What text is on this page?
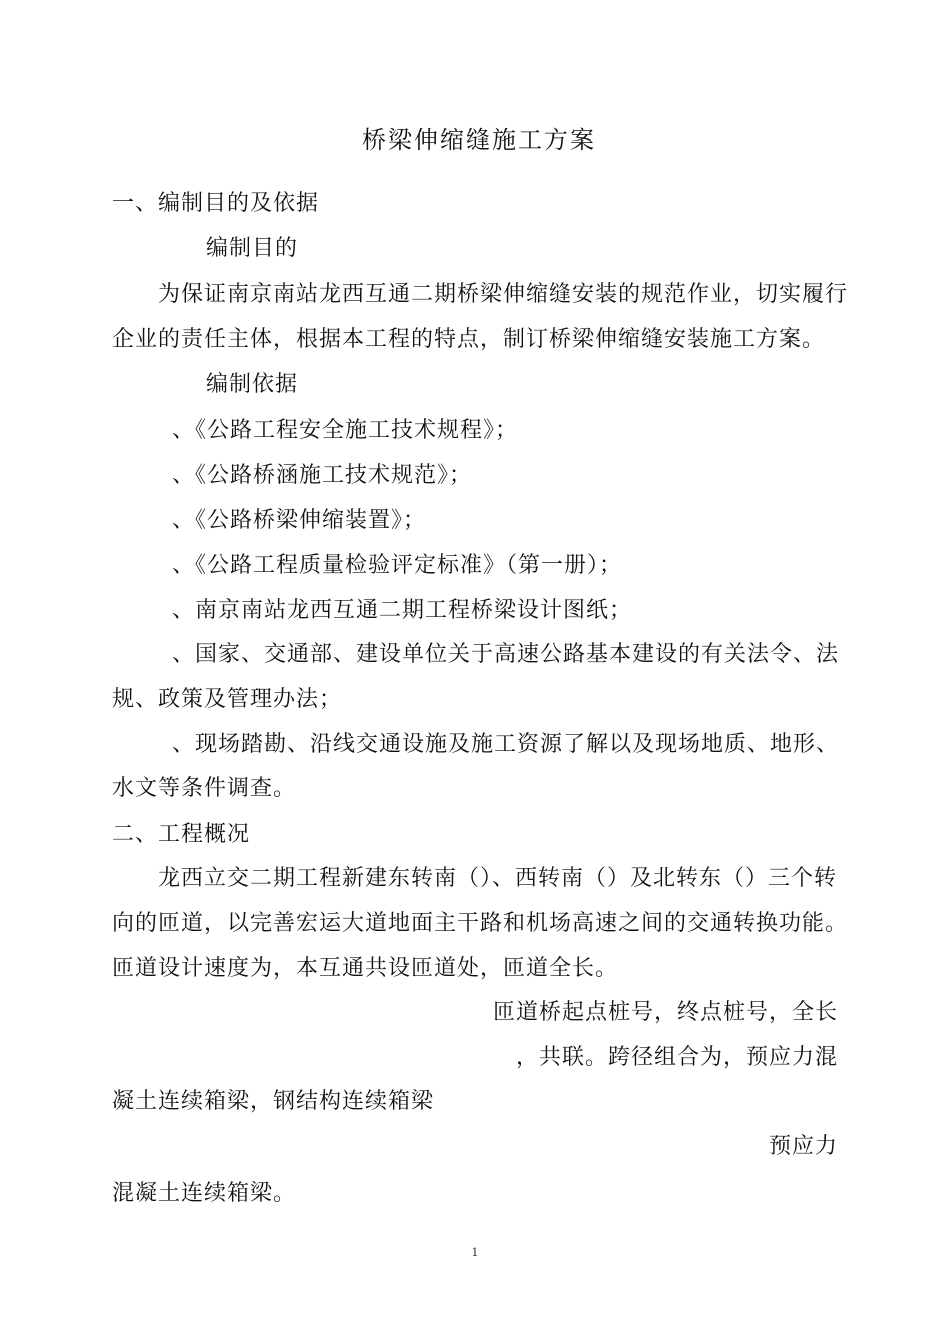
桥梁伸缩缝施工方案
一、编制目的及依据
编制目的
为保证南京南站龙西互通二期桥梁伸缩缝安装的规范作业，切实履行
企业的责任主体，根据本工程的特点，制订桥梁伸缩缝安装施工方案。
编制依据
、《公路工程安全施工技术规程》；
、《公路桥涵施工技术规范》；
、《公路桥梁伸缩装置》；
、《公路工程质量检验评定标准》（第一册）；
、南京南站龙西互通二期工程桥梁设计图纸；
、国家、交通部、建设单位关于高速公路基本建设的有关法令、法
规、政策及管理办法；
、现场踏勘、沿线交通设施及施工资源了解以及现场地质、地形、
水文等条件调查。
二、工程概况
龙西立交二期工程新建东转南（）、西转南（）及北转东（）三个转
向的匝道，以完善宏运大道地面主干路和机场高速之间的交通转换功能。
匝道设计速度为，本互通共设匝道处，匝道全长。
匝道桥起点桩号，终点桩号，全长
，共联。跨径组合为，预应力混
凝土连续箱梁，钢结构连续箱梁
预应力
混凝土连续箱梁。
1
